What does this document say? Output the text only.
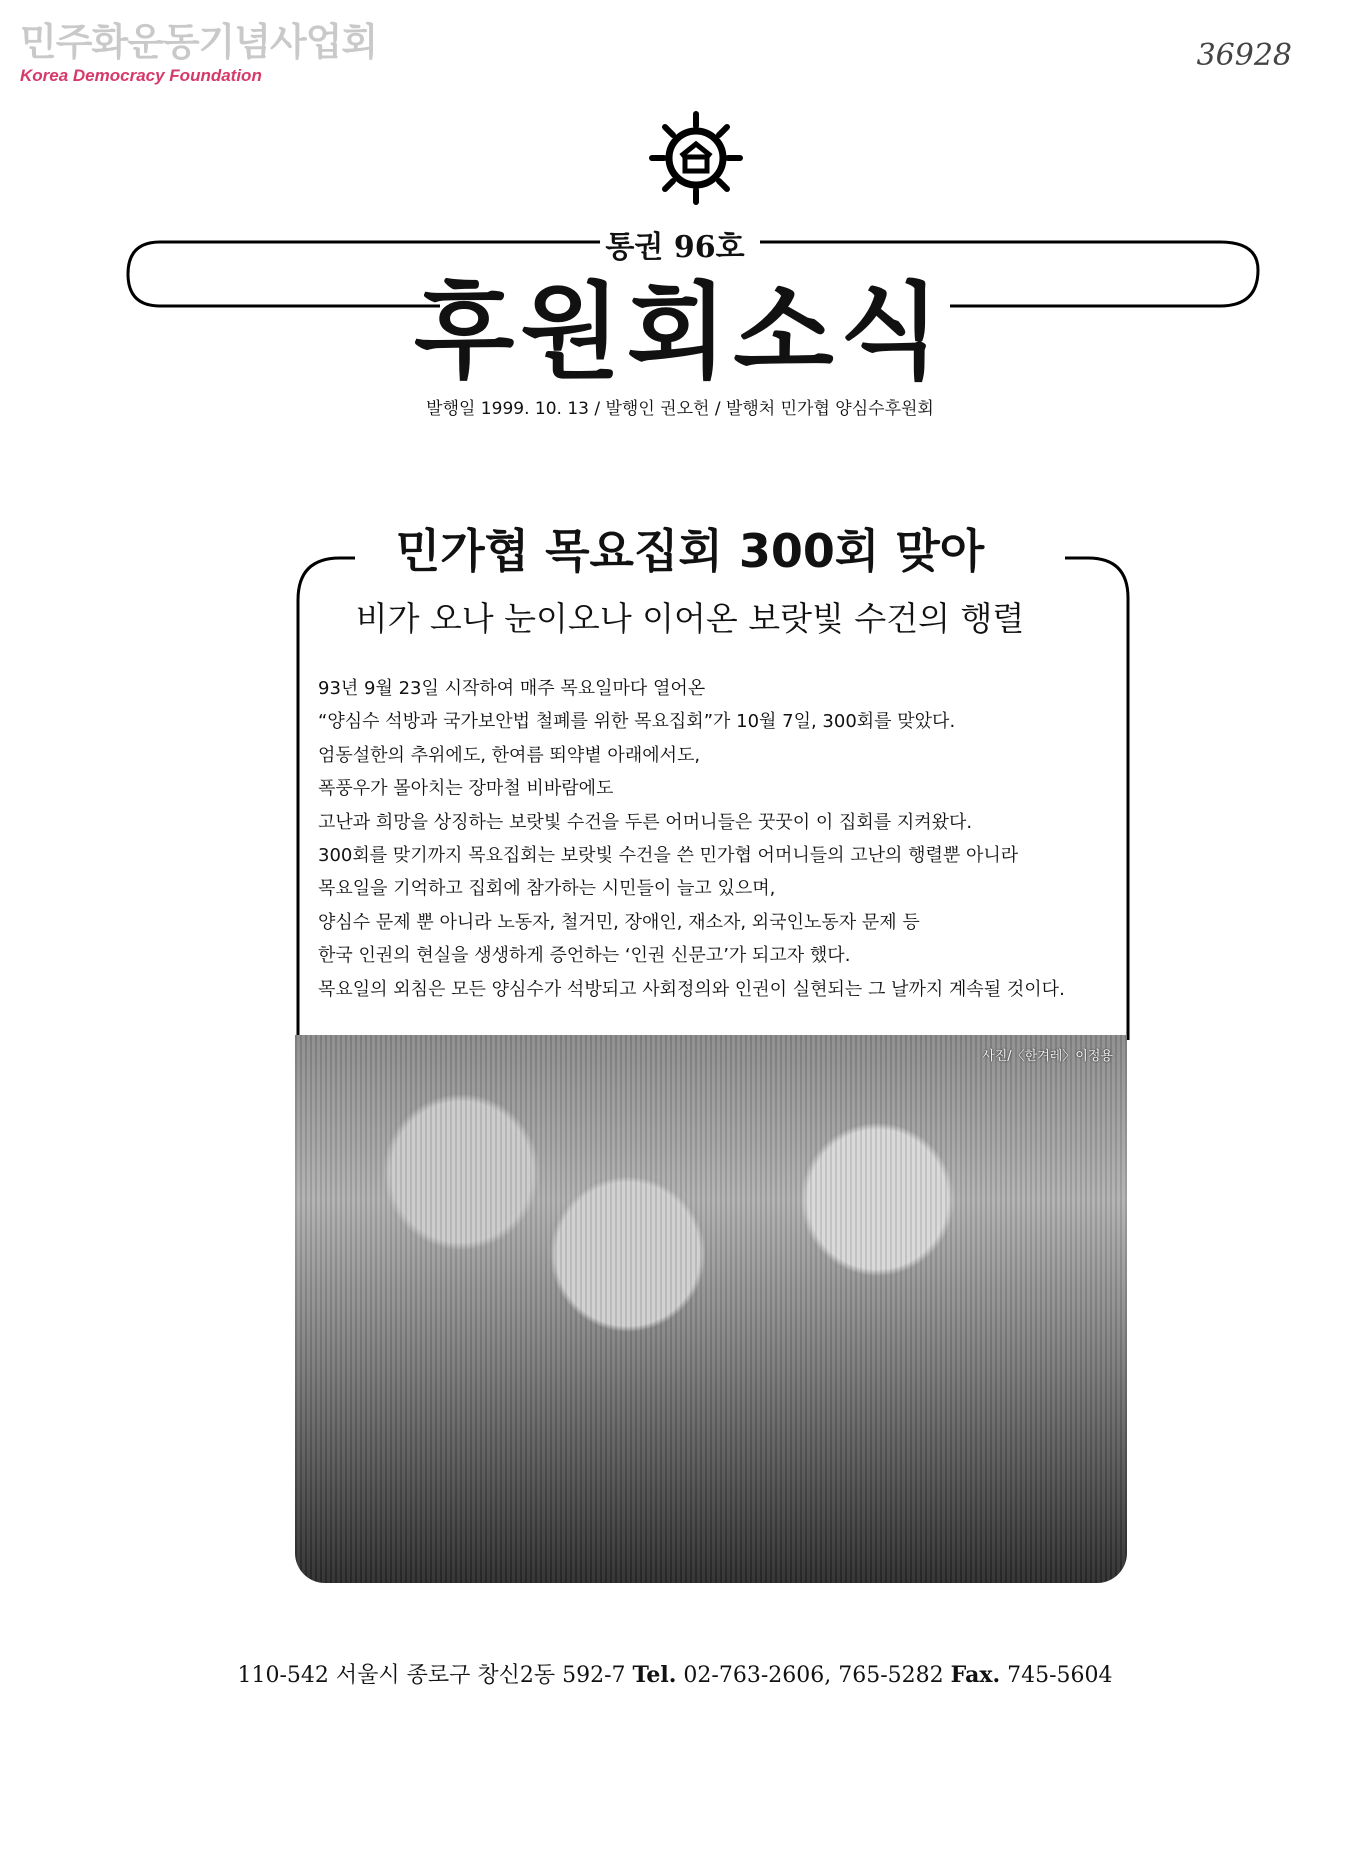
민주화운동기념사업회
Korea Democracy Foundation
36928
통권 96호
후원회소식
발행일 1999. 10. 13 / 발행인 권오헌 / 발행처 민가협 양심수후원회
민가협 목요집회 300회 맞아
비가 오나 눈이오나 이어온 보랏빛 수건의 행렬
93년 9월 23일 시작하여 매주 목요일마다 열어온
“양심수 석방과 국가보안법 철폐를 위한 목요집회”가 10월 7일, 300회를 맞았다.
엄동설한의 추위에도, 한여름 뙤약볕 아래에서도,
폭풍우가 몰아치는 장마철 비바람에도
고난과 희망을 상징하는 보랏빛 수건을 두른 어머니들은 꿋꿋이 이 집회를 지켜왔다.
300회를 맞기까지 목요집회는 보랏빛 수건을 쓴 민가협 어머니들의 고난의 행렬뿐 아니라
목요일을 기억하고 집회에 참가하는 시민들이 늘고 있으며,
양심수 문제 뿐 아니라 노동자, 철거민, 장애인, 재소자, 외국인노동자 문제 등
한국 인권의 현실을 생생하게 증언하는 ‘인권 신문고’가 되고자 했다.
목요일의 외침은 모든 양심수가 석방되고 사회정의와 인권이 실현되는 그 날까지 계속될 것이다.
사진/〈한겨레〉이정용
110-542 서울시 종로구 창신2동 592-7 Tel. 02-763-2606, 765-5282 Fax. 745-5604
